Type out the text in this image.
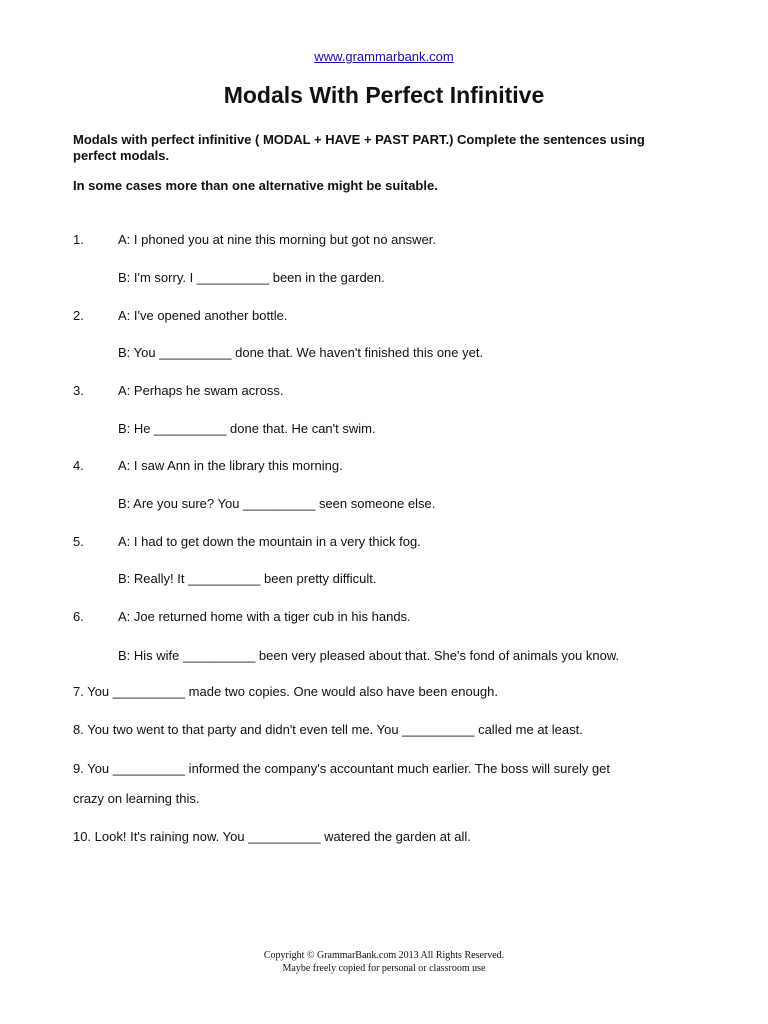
www.grammarbank.com
Modals With Perfect Infinitive

Modals with perfect infinitive ( MODAL + HAVE + PAST PART.) Complete the sentences using perfect modals.

In some cases more than one alternative might be suitable.

1.	A: I phoned you at nine this morning but got no answer.
B: I'm sorry. I __________ been in the garden.
2.	A: I've opened another bottle.
B: You __________ done that. We haven't finished this one yet.
3.	A: Perhaps he swam across.
B: He __________ done that. He can't swim.
4.	A: I saw Ann in the library this morning.
B: Are you sure? You __________ seen someone else.
5.	A: I had to get down the mountain in a very thick fog.
B: Really! It __________ been pretty difficult.
6.	A: Joe returned home with a tiger cub in his hands.
B: His wife __________ been very pleased about that. She's fond of animals you know.
7. You __________ made two copies. One would also have been enough.
8. You two went to that party and didn't even tell me. You __________ called me at least.
9. You __________ informed the company's accountant much earlier. The boss will surely get
crazy on learning this.
10. Look! It's raining now. You __________ watered the garden at all.
Copyright © GrammarBank.com 2013 All Rights Reserved.
Maybe freely copied for personal or classroom use
